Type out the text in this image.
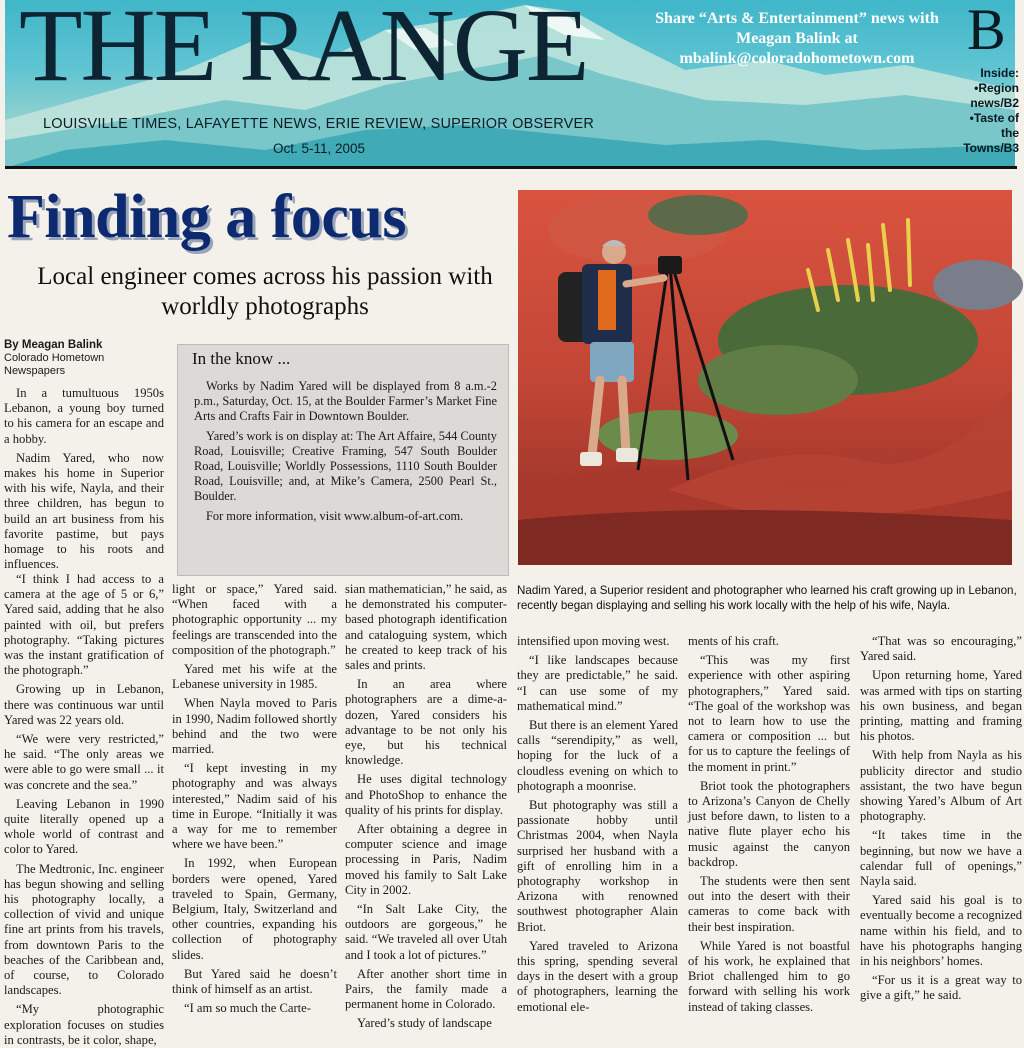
THE RANGE
LOUISVILLE TIMES, LAFAYETTE NEWS, ERIE REVIEW, SUPERIOR OBSERVER
Oct. 5-11, 2005
Share “Arts & Entertainment” news with
Meagan Balink at
mbalink@coloradohometown.com B
Inside:
•Region news/B2
•Taste of the Towns/B3
Finding a focus
Local engineer comes across his passion with worldly photographs
By Meagan Balink
Colorado Hometown
Newspapers

In a tumultuous 1950s Lebanon, a young boy turned to his camera for an escape and a hobby.

Nadim Yared, who now makes his home in Superior with his wife, Nayla, and their three children, has begun to build an art business from his favorite pastime, but pays homage to his roots and influences.

“I think I had access to a camera at the age of 5 or 6,” Yared said, adding that he also painted with oil, but prefers photography. “Taking pictures was the instant gratification of the photograph.”

Growing up in Lebanon, there was continuous war until Yared was 22 years old.

“We were very restricted,” he said. “The only areas we were able to go were small ... it was concrete and the sea.”

Leaving Lebanon in 1990 quite literally opened up a whole world of contrast and color to Yared.

The Medtronic, Inc. engineer has begun showing and selling his photography locally, a collection of vivid and unique fine art prints from his travels, from downtown Paris to the beaches of the Caribbean and, of course, to Colorado landscapes.

“My photographic exploration focuses on studies in contrasts, be it color, shape,

In the know ...

Works by Nadim Yared will be displayed from 8 a.m.-2 p.m., Saturday, Oct. 15, at the Boulder Farmer’s Market Fine Arts and Crafts Fair in Downtown Boulder.

Yared’s work is on display at: The Art Affaire, 544 County Road, Louisville; Creative Framing, 547 South Boulder Road, Louisville; Worldly Possessions, 1110 South Boulder Road, Louisville; and, at Mike’s Camera, 2500 Pearl St., Boulder.

For more information, visit www.album-of-art.com.

light or space,” Yared said. “When faced with a photographic opportunity ... my feelings are transcended into the composition of the photograph.”

Yared met his wife at the Lebanese university in 1985.

When Nayla moved to Paris in 1990, Nadim followed shortly behind and the two were married.

“I kept investing in my photography and was always interested,” Nadim said of his time in Europe. “Initially it was a way for me to remember where we have been.”

In 1992, when European borders were opened, Yared traveled to Spain, Germany, Belgium, Italy, Switzerland and other countries, expanding his collection of photography slides.

But Yared said he doesn’t think of himself as an artist.

“I am so much the Carte-

sian mathematician,” he said, as he demonstrated his computer-based photograph identification and cataloguing system, which he created to keep track of his sales and prints.

In an area where photographers are a dime-a-dozen, Yared considers his advantage to be not only his eye, but his technical knowledge.

He uses digital technology and PhotoShop to enhance the quality of his prints for display.

After obtaining a degree in computer science and image processing in Paris, Nadim moved his family to Salt Lake City in 2002.

“In Salt Lake City, the outdoors are gorgeous,” he said. “We traveled all over Utah and I took a lot of pictures.”

After another short time in Pairs, the family made a permanent home in Colorado.

Yared’s study of landscape

Nadim Yared, a Superior resident and photographer who learned his craft growing up in Lebanon, recently began displaying and selling his work locally with the help of his wife, Nayla.

intensified upon moving west.

“I like landscapes because they are predictable,” he said. “I can use some of my mathematical mind.”

But there is an element Yared calls “serendipity,” as well, hoping for the luck of a cloudless evening on which to photograph a moonrise.

But photography was still a passionate hobby until Christmas 2004, when Nayla surprised her husband with a gift of enrolling him in a photography workshop in Arizona with renowned southwest photographer Alain Briot.

Yared traveled to Arizona this spring, spending several days in the desert with a group of photographers, learning the emotional ele-

ments of his craft.

“This was my first experience with other aspiring photographers,” Yared said. “The goal of the workshop was not to learn how to use the camera or composition ... but for us to capture the feelings of the moment in print.”

Briot took the photographers to Arizona’s Canyon de Chelly just before dawn, to listen to a native flute player echo his music against the canyon backdrop.

The students were then sent out into the desert with their cameras to come back with their best inspiration.

While Yared is not boastful of his work, he explained that Briot challenged him to go forward with selling his work instead of taking classes.

“That was so encouraging,” Yared said.

Upon returning home, Yared was armed with tips on starting his own business, and began printing, matting and framing his photos.

With help from Nayla as his publicity director and studio assistant, the two have begun showing Yared’s Album of Art photography.

“It takes time in the beginning, but now we have a calendar full of openings,” Nayla said.

Yared said his goal is to eventually become a recognized name within his field, and to have his photographs hanging in his neighbors’ homes.

“For us it is a great way to give a gift,” he said.
